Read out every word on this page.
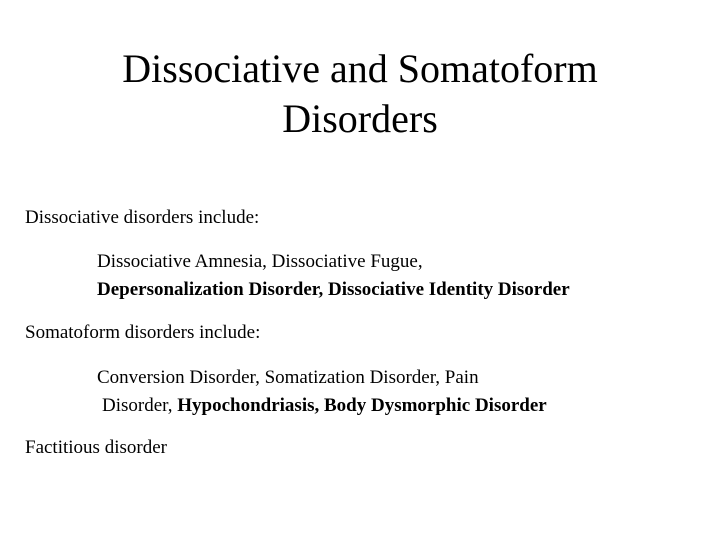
Dissociative and Somatoform
Disorders
Dissociative disorders include:
Dissociative Amnesia, Dissociative Fugue,
Depersonalization Disorder, Dissociative Identity Disorder
Somatoform disorders include:
Conversion Disorder, Somatization Disorder, Pain
Disorder, Hypochondriasis, Body Dysmorphic Disorder
Factitious disorder
